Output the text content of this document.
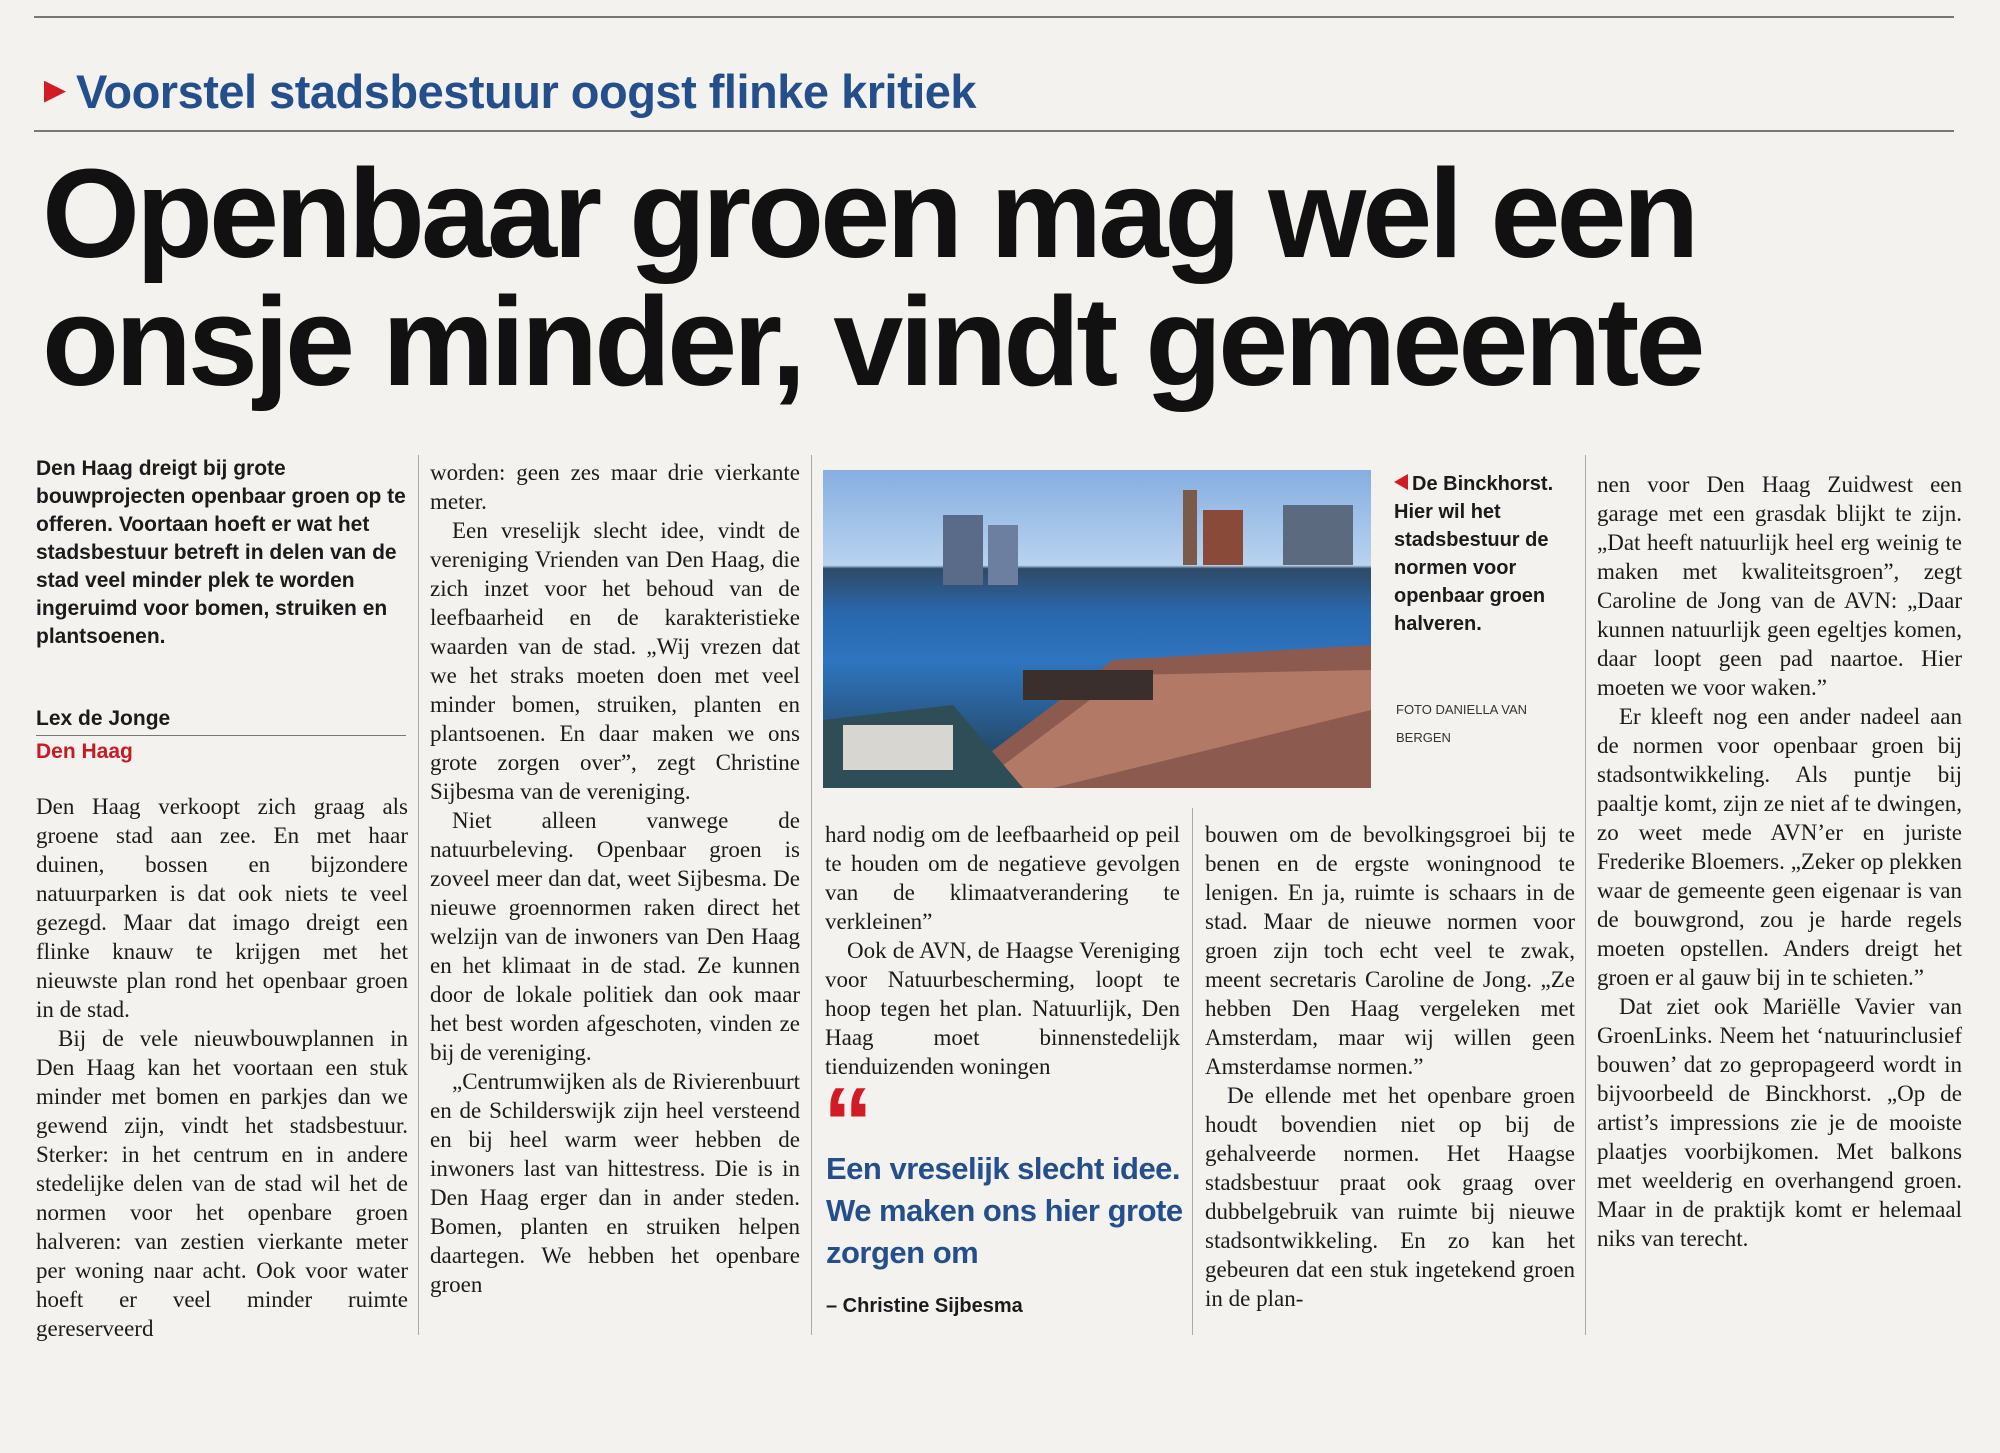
Voorstel stadsbestuur oogst flinke kritiek
Openbaar groen mag wel een onsje minder, vindt gemeente
Den Haag dreigt bij grote bouwprojecten openbaar groen op te offeren. Voortaan hoeft er wat het stadsbestuur betreft in delen van de stad veel minder plek te worden ingeruimd voor bomen, struiken en plantsoenen.
Lex de Jonge
Den Haag

Den Haag verkoopt zich graag als groene stad aan zee. En met haar duinen, bossen en bijzondere natuurparken is dat ook niets te veel gezegd. Maar dat imago dreigt een flinke knauw te krijgen met het nieuwste plan rond het openbaar groen in de stad.

Bij de vele nieuwbouwplannen in Den Haag kan het voortaan een stuk minder met bomen en parkjes dan we gewend zijn, vindt het stadsbestuur. Sterker: in het centrum en in andere stedelijke delen van de stad wil het de normen voor het openbare groen halveren: van zestien vierkante meter per woning naar acht. Ook voor water hoeft er veel minder ruimte gereserveerd

worden: geen zes maar drie vierkante meter.

Een vreselijk slecht idee, vindt de vereniging Vrienden van Den Haag, die zich inzet voor het behoud van de leefbaarheid en de karakteristieke waarden van de stad. „Wij vrezen dat we het straks moeten doen met veel minder bomen, struiken, planten en plantsoenen. En daar maken we ons grote zorgen over”, zegt Christine Sijbesma van de vereniging.

Niet alleen vanwege de natuurbeleving. Openbaar groen is zoveel meer dan dat, weet Sijbesma. De nieuwe groennormen raken direct het welzijn van de inwoners van Den Haag en het klimaat in de stad. Ze kunnen door de lokale politiek dan ook maar het best worden afgeschoten, vinden ze bij de vereniging.

„Centrumwijken als de Rivierenbuurt en de Schilderswijk zijn heel versteend en bij heel warm weer hebben de inwoners last van hittestress. Die is in Den Haag erger dan in ander steden. Bomen, planten en struiken helpen daartegen. We hebben het openbare groen

De Binckhorst. Hier wil het stadsbestuur de normen voor openbaar groen halveren.
FOTO DANIELLA VAN BERGEN

hard nodig om de leefbaarheid op peil te houden om de negatieve gevolgen van de klimaatverandering te verkleinen”

Ook de AVN, de Haagse Vereniging voor Natuurbescherming, loopt te hoop tegen het plan. Natuurlijk, Den Haag moet binnenstedelijk tienduizenden woningen

“
Een vreselijk slecht idee. We maken ons hier grote zorgen om
– Christine Sijbesma

bouwen om de bevolkingsgroei bij te benen en de ergste woningnood te lenigen. En ja, ruimte is schaars in de stad. Maar de nieuwe normen voor groen zijn toch echt veel te zwak, meent secretaris Caroline de Jong. „Ze hebben Den Haag vergeleken met Amsterdam, maar wij willen geen Amsterdamse normen.”

De ellende met het openbare groen houdt bovendien niet op bij de gehalveerde normen. Het Haagse stadsbestuur praat ook graag over dubbelgebruik van ruimte bij nieuwe stadsontwikkeling. En zo kan het gebeuren dat een stuk ingetekend groen in de plan-

nen voor Den Haag Zuidwest een garage met een grasdak blijkt te zijn. „Dat heeft natuurlijk heel erg weinig te maken met kwaliteitsgroen”, zegt Caroline de Jong van de AVN: „Daar kunnen natuurlijk geen egeltjes komen, daar loopt geen pad naartoe. Hier moeten we voor waken.”

Er kleeft nog een ander nadeel aan de normen voor openbaar groen bij stadsontwikkeling. Als puntje bij paaltje komt, zijn ze niet af te dwingen, zo weet mede AVN’er en juriste Frederike Bloemers. „Zeker op plekken waar de gemeente geen eigenaar is van de bouwgrond, zou je harde regels moeten opstellen. Anders dreigt het groen er al gauw bij in te schieten.”

Dat ziet ook Mariëlle Vavier van GroenLinks. Neem het ‘natuurinclusief bouwen’ dat zo gepropageerd wordt in bijvoorbeeld de Binckhorst. „Op de artist’s impressions zie je de mooiste plaatjes voorbijkomen. Met balkons met weelderig en overhangend groen. Maar in de praktijk komt er helemaal niks van terecht.
